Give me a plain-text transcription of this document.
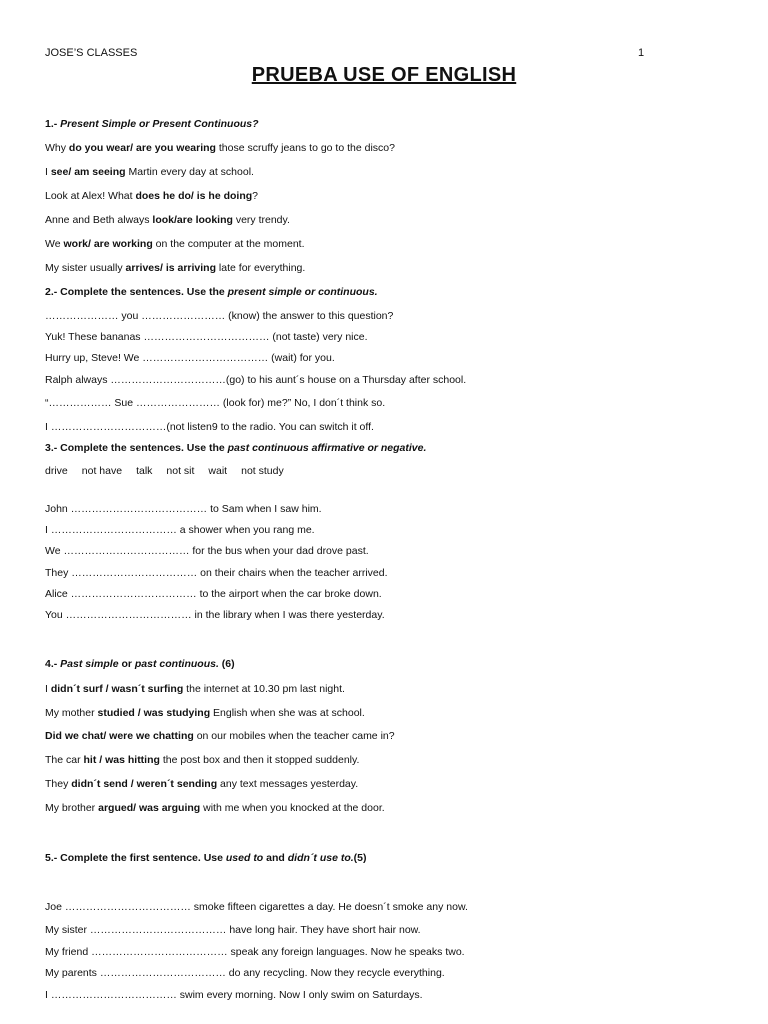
JOSE’S CLASSES	1
PRUEBA USE OF ENGLISH
1.- Present Simple or Present Continuous?
Why do you wear/ are you wearing those scruffy jeans to go to the disco?
I see/ am seeing Martin every day at school.
Look at Alex! What does he do/ is he doing?
Anne and Beth always look/are looking very trendy.
We work/ are working on the computer at the moment.
My sister usually arrives/ is arriving late for everything.
2.- Complete the sentences. Use the present simple or continuous.
………………… you …………………… (know) the answer to this question?
Yuk! These bananas ……………………………… (not taste) very nice.
Hurry up, Steve! We ……………………………… (wait) for you.
Ralph always ……………………………(go) to his aunt´s house on a Thursday after school.
“……………… Sue …………………… (look for) me?” No, I don´t think so.
I ……………………………(not listen9 to the radio. You can switch it off.
3.- Complete the sentences. Use the past continuous affirmative or negative.
drive not have talk not sit wait not study
John ………………………………… to Sam when I saw him.
I ……………………………… a shower when you rang me.
We ……………………………… for the bus when your dad drove past.
They ……………………………… on their chairs when the teacher arrived.
Alice ……………………………… to the airport when the car broke down.
You ……………………………… in the library when I was there yesterday.
4.- Past simple or past continuous. (6)
I didn´t surf / wasn´t surfing the internet at 10.30 pm last night.
My mother studied / was studying English when she was at school.
Did we chat/ were we chatting on our mobiles when the teacher came in?
The car hit / was hitting the post box and then it stopped suddenly.
They didn´t send / weren´t sending any text messages yesterday.
My brother argued/ was arguing with me when you knocked at the door.
5.- Complete the first sentence. Use used to and didn´t use to.(5)
Joe ……………………………… smoke fifteen cigarettes a day. He doesn´t smoke any now.
My sister ………………………………… have long hair. They have short hair now.
My friend ………………………………… speak any foreign languages. Now he speaks two.
My parents ……………………………… do any recycling. Now they recycle everything.
I ……………………………… swim every morning. Now I only swim on Saturdays.
